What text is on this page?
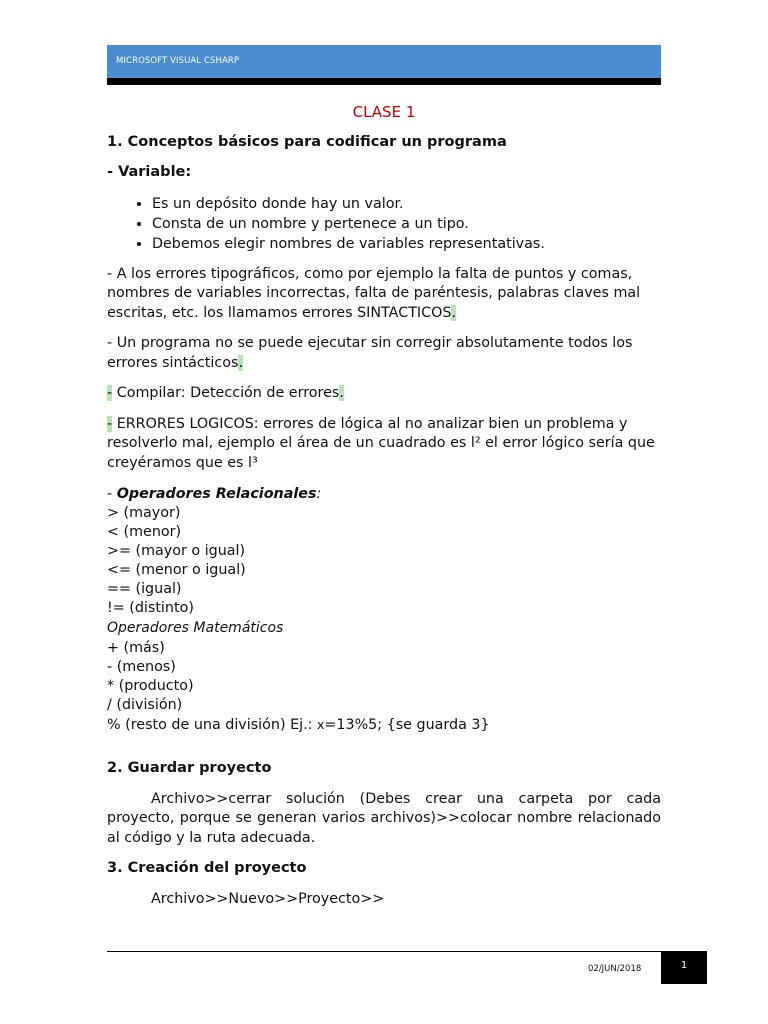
MICROSOFT VISUAL CSHARP
CLASE 1
1. Conceptos básicos para codificar un programa
- Variable:
• Es un depósito donde hay un valor.
• Consta de un nombre y pertenece a un tipo.
• Debemos elegir nombres de variables representativas.
- A los errores tipográficos, como por ejemplo la falta de puntos y comas, nombres de variables incorrectas, falta de paréntesis, palabras claves mal escritas, etc. los llamamos errores SINTACTICOS.
- Un programa no se puede ejecutar sin corregir absolutamente todos los errores sintácticos.
- Compilar: Detección de errores.
- ERRORES LOGICOS: errores de lógica al no analizar bien un problema y resolverlo mal, ejemplo el área de un cuadrado es l² el error lógico sería que creyéramos que es l³
- Operadores Relacionales:
> (mayor)
< (menor)
>= (mayor o igual)
<= (menor o igual)
== (igual)
!= (distinto)
Operadores Matemáticos
+ (más)
- (menos)
* (producto)
/ (división)
% (resto de una división) Ej.: x=13%5; {se guarda 3}
2. Guardar proyecto
Archivo>>cerrar solución (Debes crear una carpeta por cada proyecto, porque se generan varios archivos)>>colocar nombre relacionado al código y la ruta adecuada.
3. Creación del proyecto
Archivo>>Nuevo>>Proyecto>>
02/JUN/2018	1
